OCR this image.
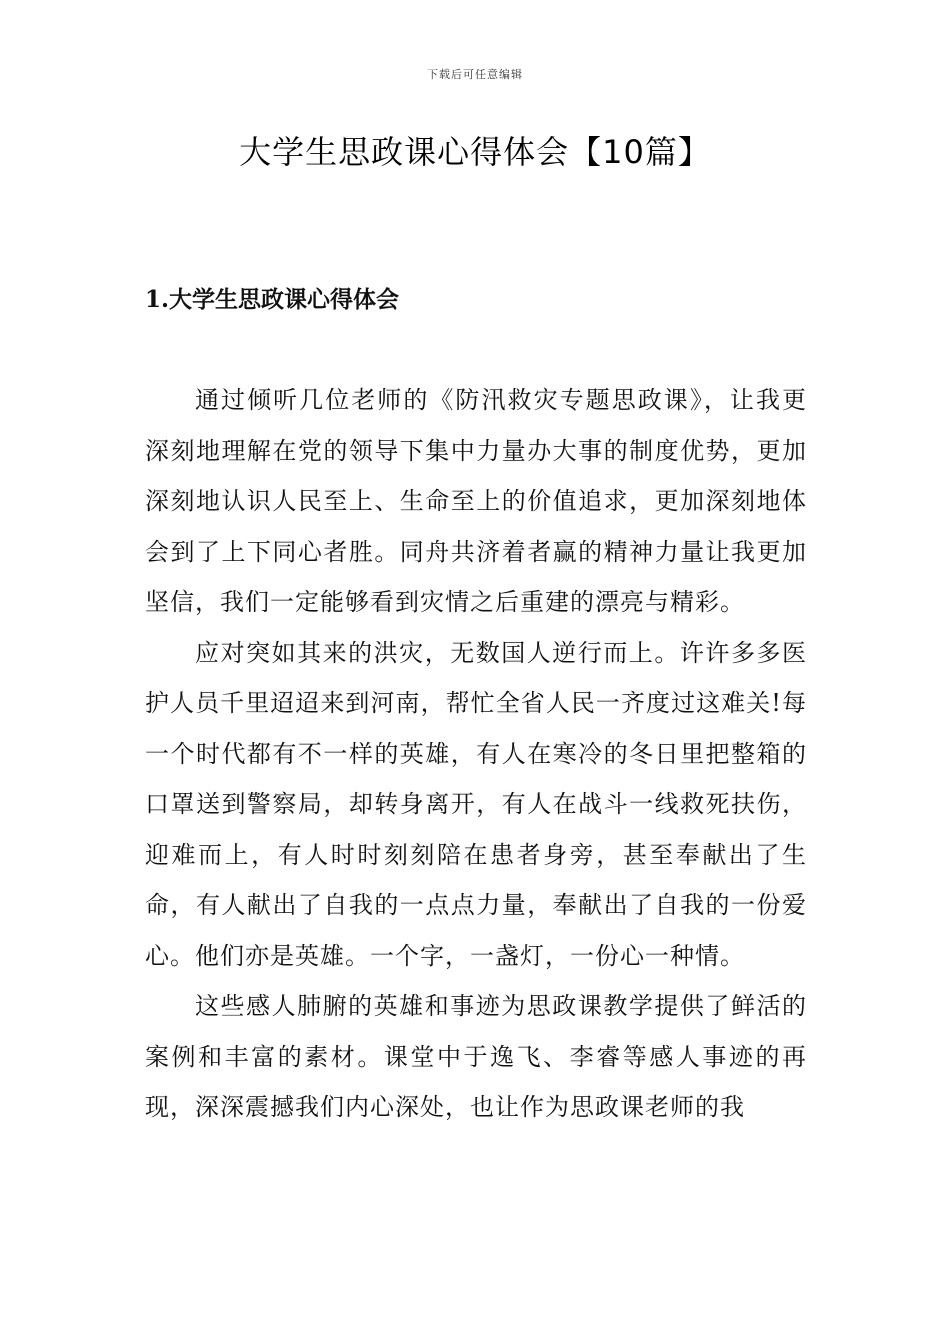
下载后可任意编辑
大学生思政课心得体会【10篇】
1.大学生思政课心得体会

通过倾听几位老师的《防汛救灾专题思政课》，让我更深刻地理解在党的领导下集中力量办大事的制度优势，更加深刻地认识人民至上、生命至上的价值追求，更加深刻地体会到了上下同心者胜。同舟共济着者赢的精神力量让我更加坚信，我们一定能够看到灾情之后重建的漂亮与精彩。

应对突如其来的洪灾，无数国人逆行而上。许许多多医护人员千里迢迢来到河南，帮忙全省人民一齐度过这难关!每一个时代都有不一样的英雄，有人在寒冷的冬日里把整箱的口罩送到警察局，却转身离开，有人在战斗一线救死扶伤，迎难而上，有人时时刻刻陪在患者身旁，甚至奉献出了生命，有人献出了自我的一点点力量，奉献出了自我的一份爱心。他们亦是英雄。一个字，一盏灯，一份心一种情。

这些感人肺腑的英雄和事迹为思政课教学提供了鲜活的案例和丰富的素材。课堂中于逸飞、李睿等感人事迹的再现，深深震撼我们内心深处，也让作为思政课老师的我
